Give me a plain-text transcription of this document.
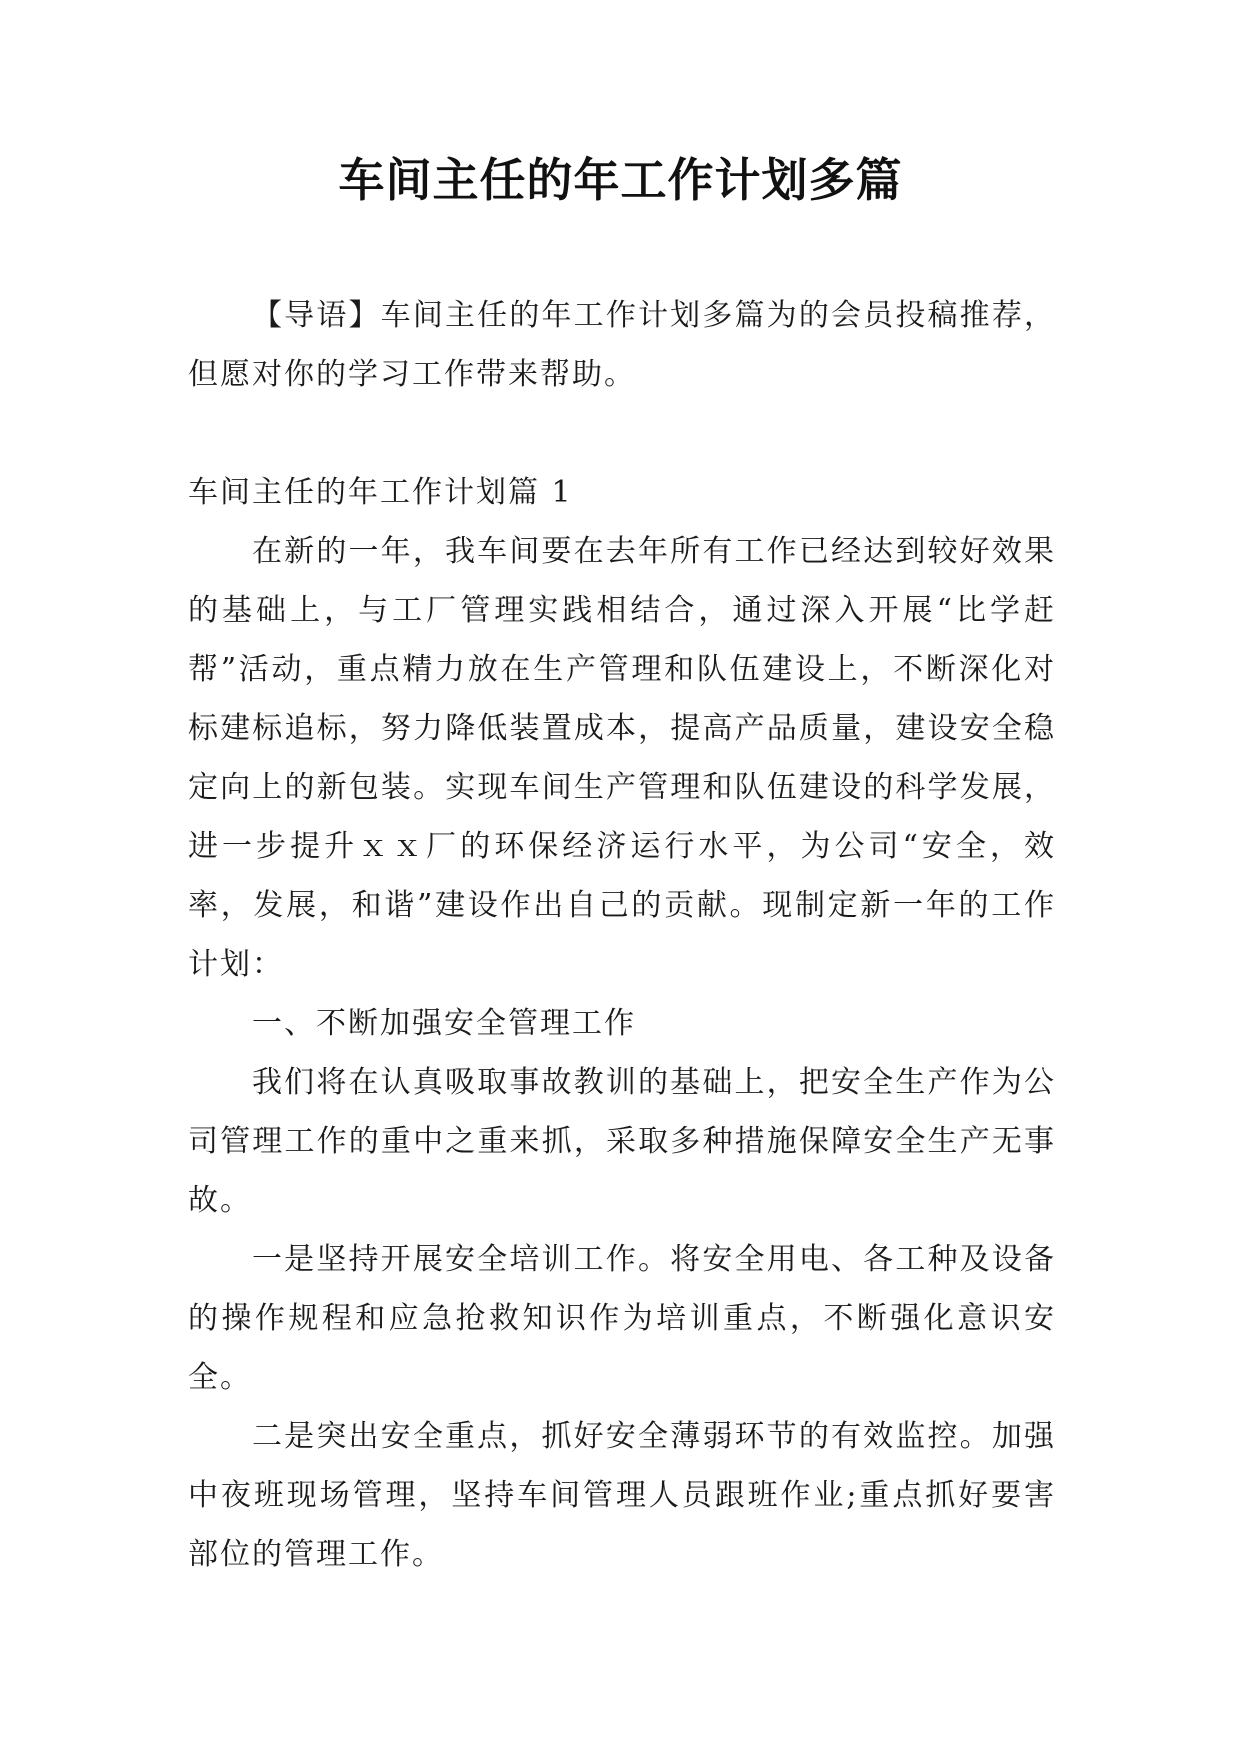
车间主任的年工作计划多篇

【导语】车间主任的年工作计划多篇为的会员投稿推荐，但愿对你的学习工作带来帮助。

车间主任的年工作计划篇 1

在新的一年，我车间要在去年所有工作已经达到较好效果的基础上，与工厂管理实践相结合，通过深入开展“比学赶帮”活动，重点精力放在生产管理和队伍建设上，不断深化对标建标追标，努力降低装置成本，提高产品质量，建设安全稳定向上的新包装。实现车间生产管理和队伍建设的科学发展，进一步提升ｘｘ厂的环保经济运行水平，为公司“安全，效率，发展，和谐”建设作出自己的贡献。现制定新一年的工作计划：

一、不断加强安全管理工作

我们将在认真吸取事故教训的基础上，把安全生产作为公司管理工作的重中之重来抓，采取多种措施保障安全生产无事故。

一是坚持开展安全培训工作。将安全用电、各工种及设备的操作规程和应急抢救知识作为培训重点，不断强化意识安全。

二是突出安全重点，抓好安全薄弱环节的有效监控。加强中夜班现场管理，坚持车间管理人员跟班作业;重点抓好要害部位的管理工作。
